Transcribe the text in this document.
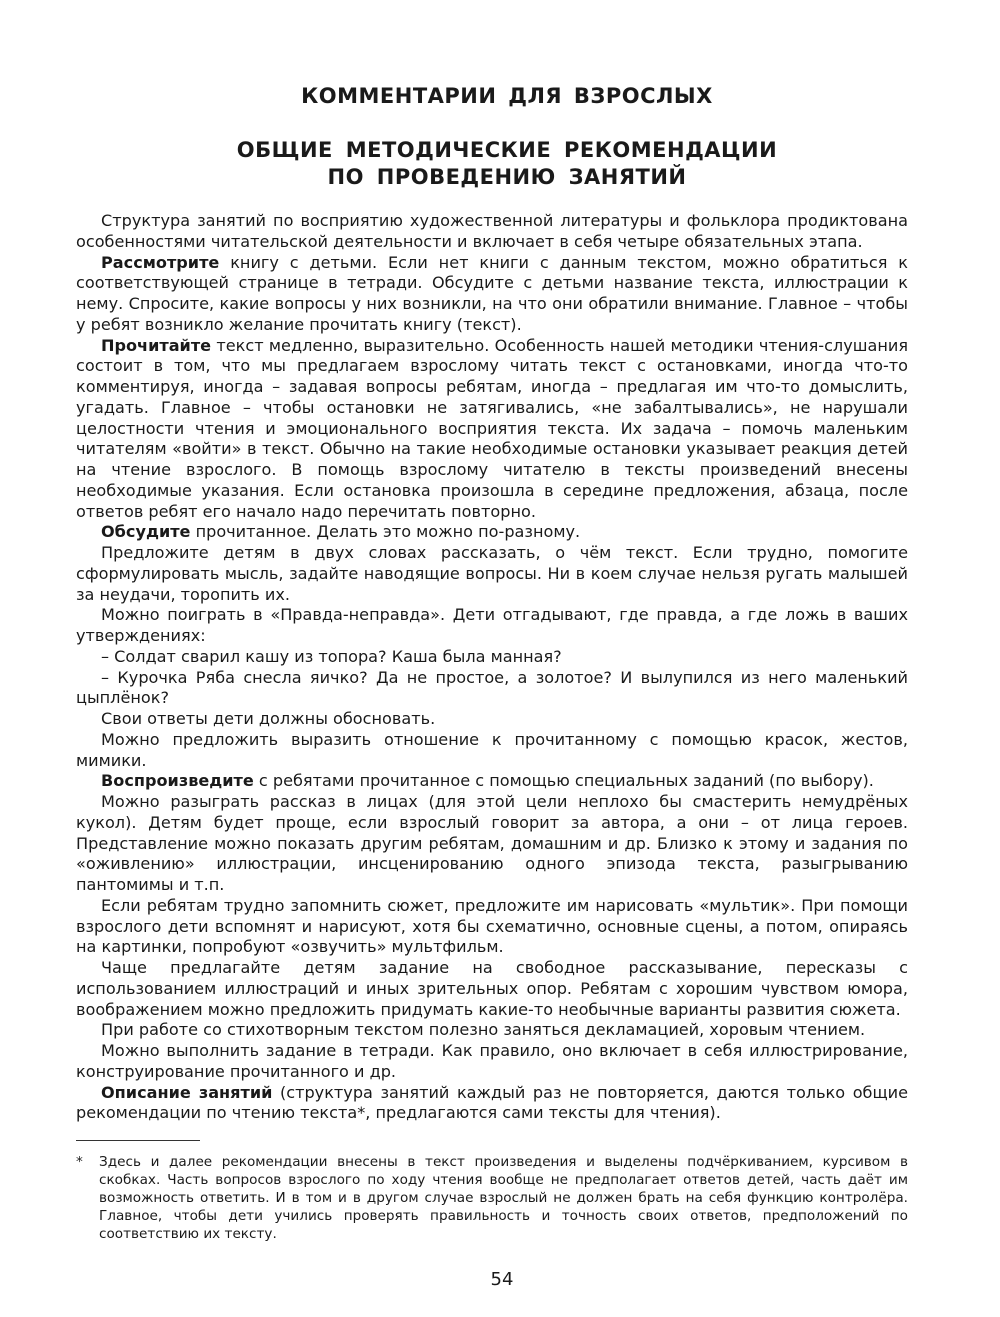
КОММЕНТАРИИ ДЛЯ ВЗРОСЛЫХ
ОБЩИЕ МЕТОДИЧЕСКИЕ РЕКОМЕНДАЦИИ
ПО ПРОВЕДЕНИЮ ЗАНЯТИЙ

Структура занятий по восприятию художественной литературы и фольклора продиктована особенностями читательской деятельности и включает в себя четыре обязательных этапа.

Рассмотрите книгу с детьми. Если нет книги с данным текстом, можно обратиться к соответствующей странице в тетради. Обсудите с детьми название текста, иллюстрации к нему. Спросите, какие вопросы у них возникли, на что они обратили внимание. Главное – чтобы у ребят возникло желание прочитать книгу (текст).

Прочитайте текст медленно, выразительно. Особенность нашей методики чтения-слушания состоит в том, что мы предлагаем взрослому читать текст с остановками, иногда что-то комментируя, иногда – задавая вопросы ребятам, иногда – предлагая им что-то домыслить, угадать. Главное – чтобы остановки не затягивались, «не забалтывались», не нарушали целостности чтения и эмоционального восприятия текста. Их задача – помочь маленьким читателям «войти» в текст. Обычно на такие необходимые остановки указывает реакция детей на чтение взрослого. В помощь взрослому читателю в тексты произведений внесены необходимые указания. Если остановка произошла в середине предложения, абзаца, после ответов ребят его начало надо перечитать повторно.

Обсудите прочитанное. Делать это можно по-разному.

Предложите детям в двух словах рассказать, о чём текст. Если трудно, помогите сформулировать мысль, задайте наводящие вопросы. Ни в коем случае нельзя ругать малышей за неудачи, торопить их.

Можно поиграть в «Правда-неправда». Дети отгадывают, где правда, а где ложь в ваших утверждениях:

– Солдат сварил кашу из топора? Каша была манная?

– Курочка Ряба снесла яичко? Да не простое, а золотое? И вылупился из него маленький цыплёнок?

Свои ответы дети должны обосновать.

Можно предложить выразить отношение к прочитанному с помощью красок, жестов, мимики.

Воспроизведите с ребятами прочитанное с помощью специальных заданий (по выбору).

Можно разыграть рассказ в лицах (для этой цели неплохо бы смастерить немудрёных кукол). Детям будет проще, если взрослый говорит за автора, а они – от лица героев. Представление можно показать другим ребятам, домашним и др. Близко к этому и задания по «оживлению» иллюстрации, инсценированию одного эпизода текста, разыгрыванию пантомимы и т.п.

Если ребятам трудно запомнить сюжет, предложите им нарисовать «мультик». При помощи взрослого дети вспомнят и нарисуют, хотя бы схематично, основные сцены, а потом, опираясь на картинки, попробуют «озвучить» мультфильм.

Чаще предлагайте детям задание на свободное рассказывание, пересказы с использованием иллюстраций и иных зрительных опор. Ребятам с хорошим чувством юмора, воображением можно предложить придумать какие-то необычные варианты развития сюжета.

При работе со стихотворным текстом полезно заняться декламацией, хоровым чтением.

Можно выполнить задание в тетради. Как правило, оно включает в себя иллюстрирование, конструирование прочитанного и др.

Описание занятий (структура занятий каждый раз не повторяется, даются только общие рекомендации по чтению текста*, предлагаются сами тексты для чтения).

* Здесь и далее рекомендации внесены в текст произведения и выделены подчёркиванием, курсивом в скобках. Часть вопросов взрослого по ходу чтения вообще не предполагает ответов детей, часть даёт им возможность ответить. И в том и в другом случае взрослый не должен брать на себя функцию контролёра. Главное, чтобы дети учились проверять правильность и точность своих ответов, предположений по соответствию их тексту.
54
